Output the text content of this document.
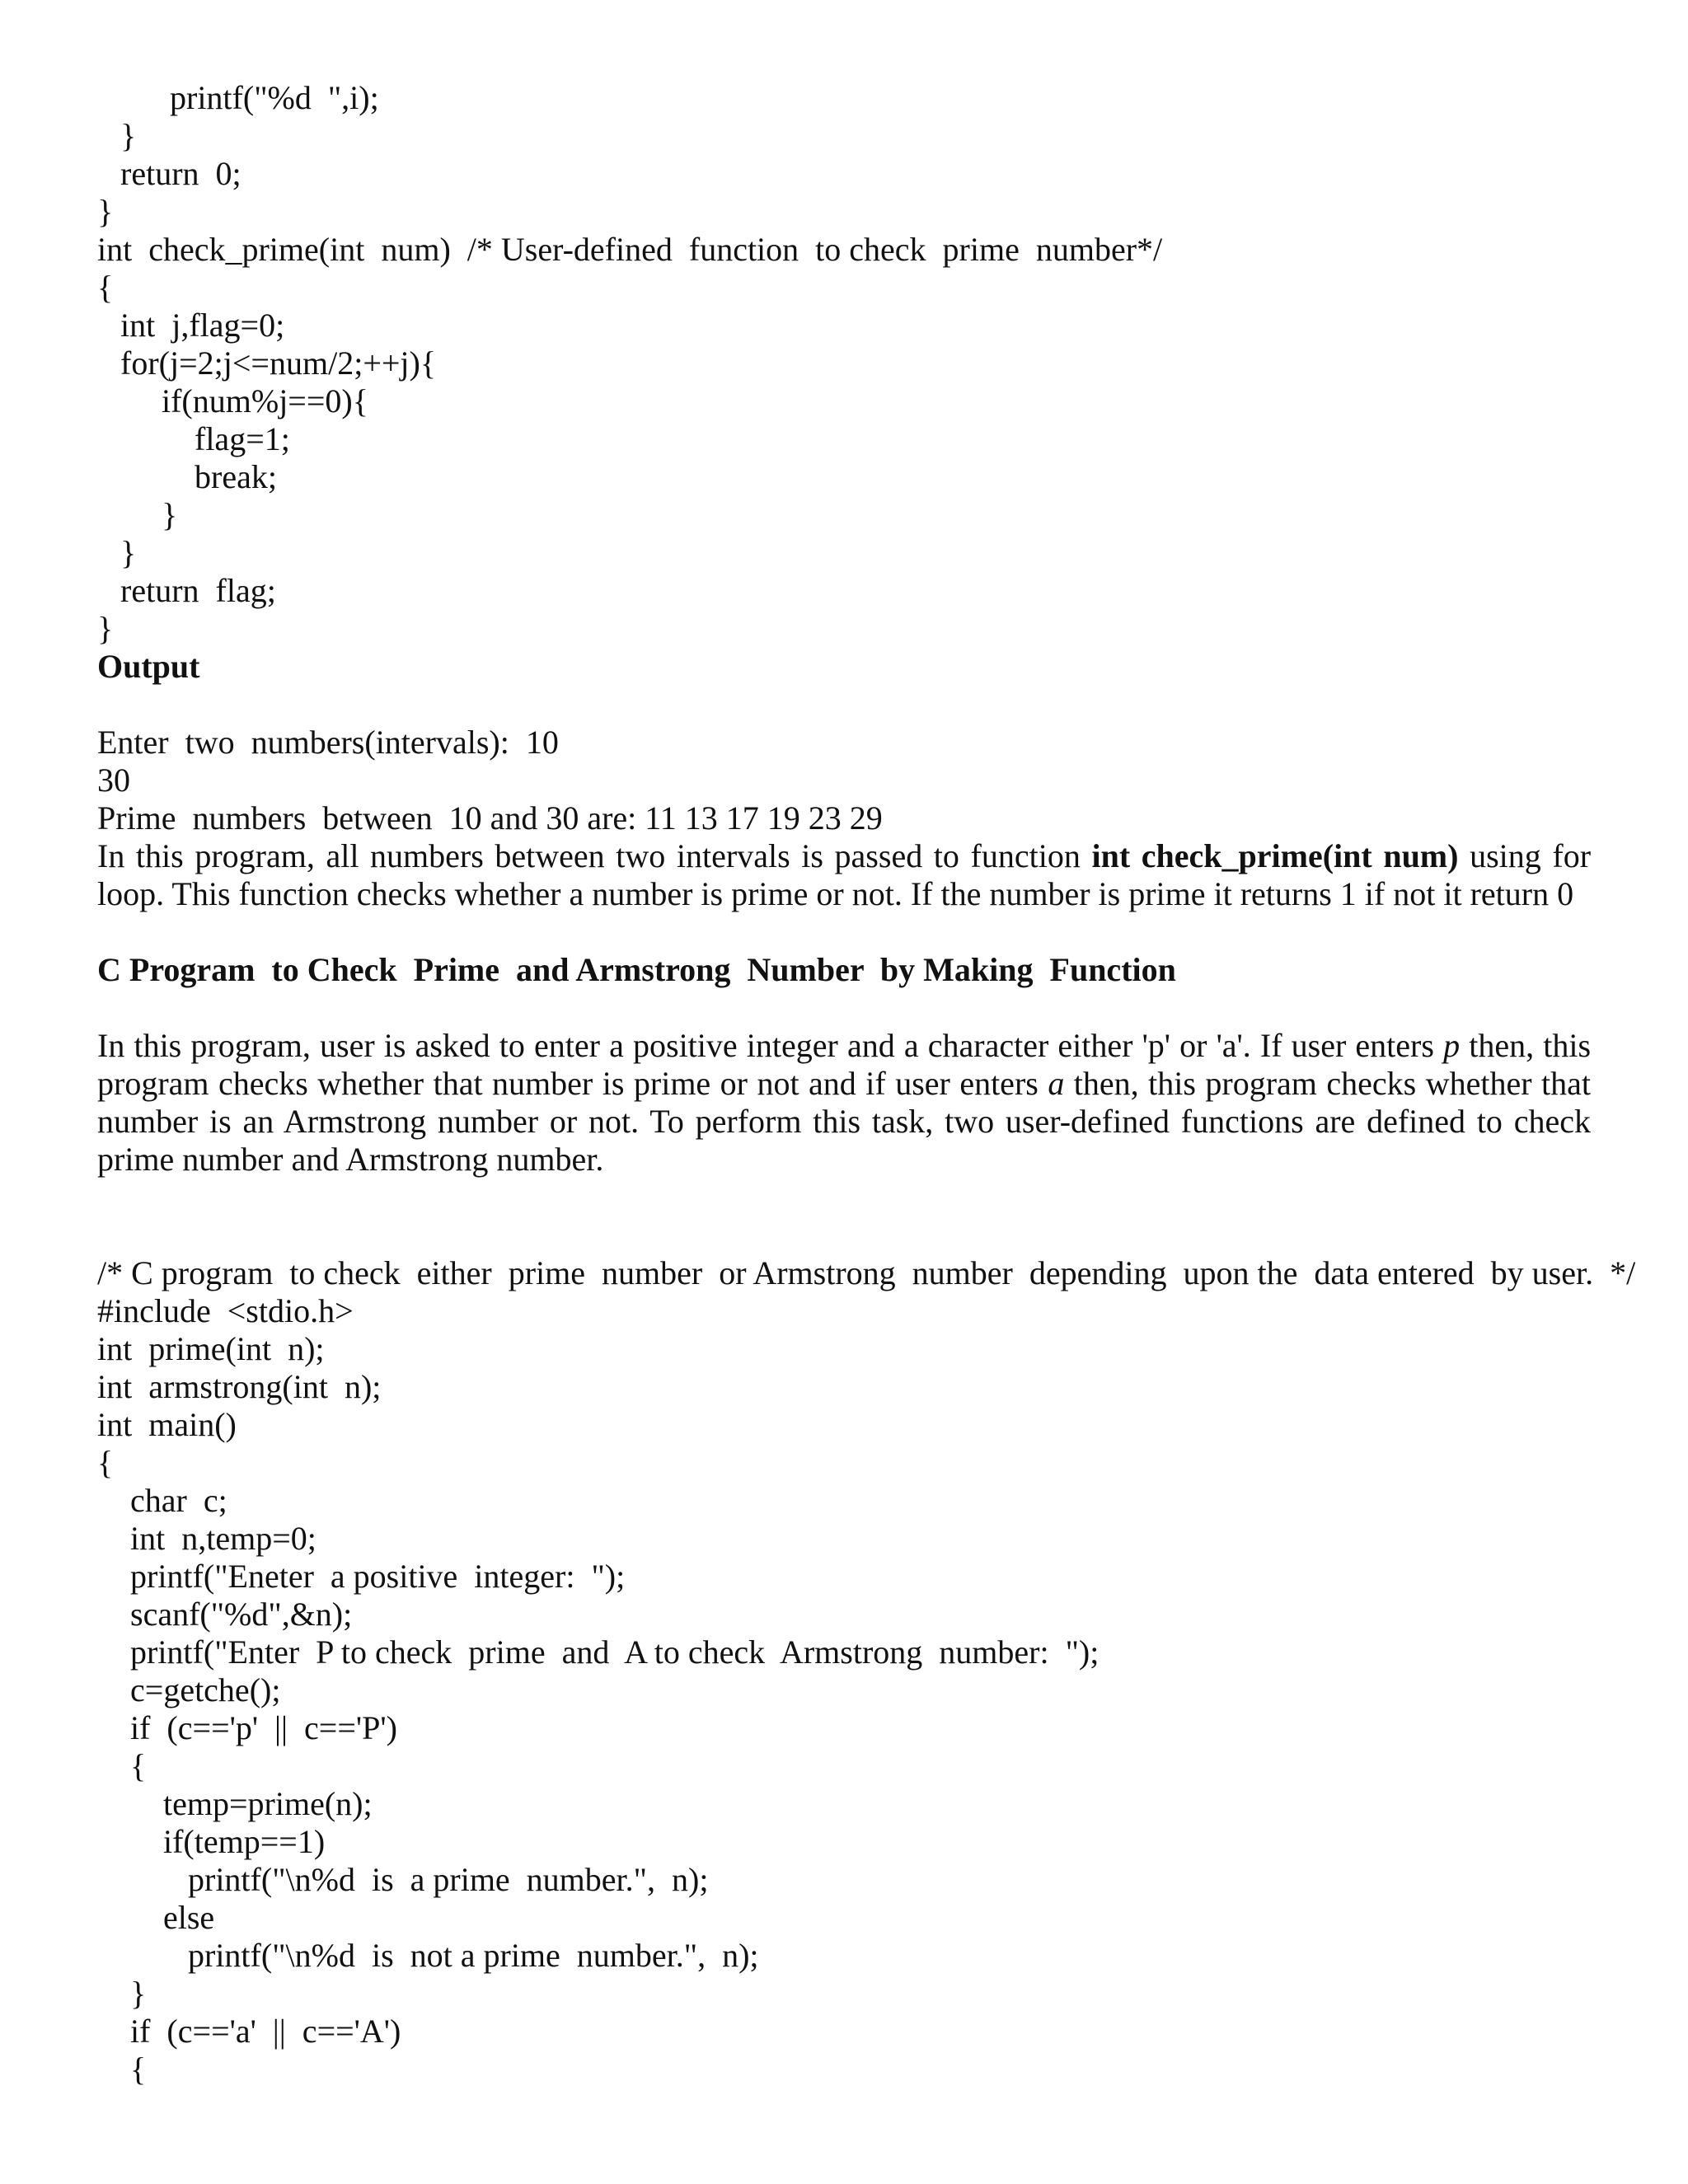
printf("%d  ",i);
}
return  0;
}
int  check_prime(int  num)  /* User-defined  function  to check  prime  number*/
{
int  j,flag=0;
for(j=2;j<=num/2;++j){
if(num%j==0){
flag=1;
break;
}
}
return  flag;
}
Output
Enter  two  numbers(intervals):  10
30
Prime  numbers  between  10 and 30 are: 11 13 17 19 23 29
In this program, all numbers between two intervals is passed to function int check_prime(int num) using for
loop. This function checks whether a number is prime or not. If the number is prime it returns 1 if not it return 0
C Program  to Check  Prime  and Armstrong  Number  by Making  Function
In this program, user is asked to enter a positive integer and a character either 'p' or 'a'. If user enters p then, this
program checks whether that number is prime or not and if user enters a then, this program checks whether that
number is an Armstrong number or not. To perform this task, two user-defined functions are defined to check
prime number and Armstrong number.
/* C program  to check  either  prime  number  or Armstrong  number  depending  upon the  data entered  by user.  */
#include  <stdio.h>
int  prime(int  n);
int  armstrong(int  n);
int  main()
{
char  c;
int  n,temp=0;
printf("Eneter  a positive  integer:  ");
scanf("%d",&n);
printf("Enter  P to check  prime  and  A to check  Armstrong  number:  ");
c=getche();
if  (c=='p'  ||  c=='P')
{
temp=prime(n);
if(temp==1)
printf("\n%d  is  a prime  number.",  n);
else
printf("\n%d  is  not a prime  number.",  n);
}
if  (c=='a'  ||  c=='A')
{
